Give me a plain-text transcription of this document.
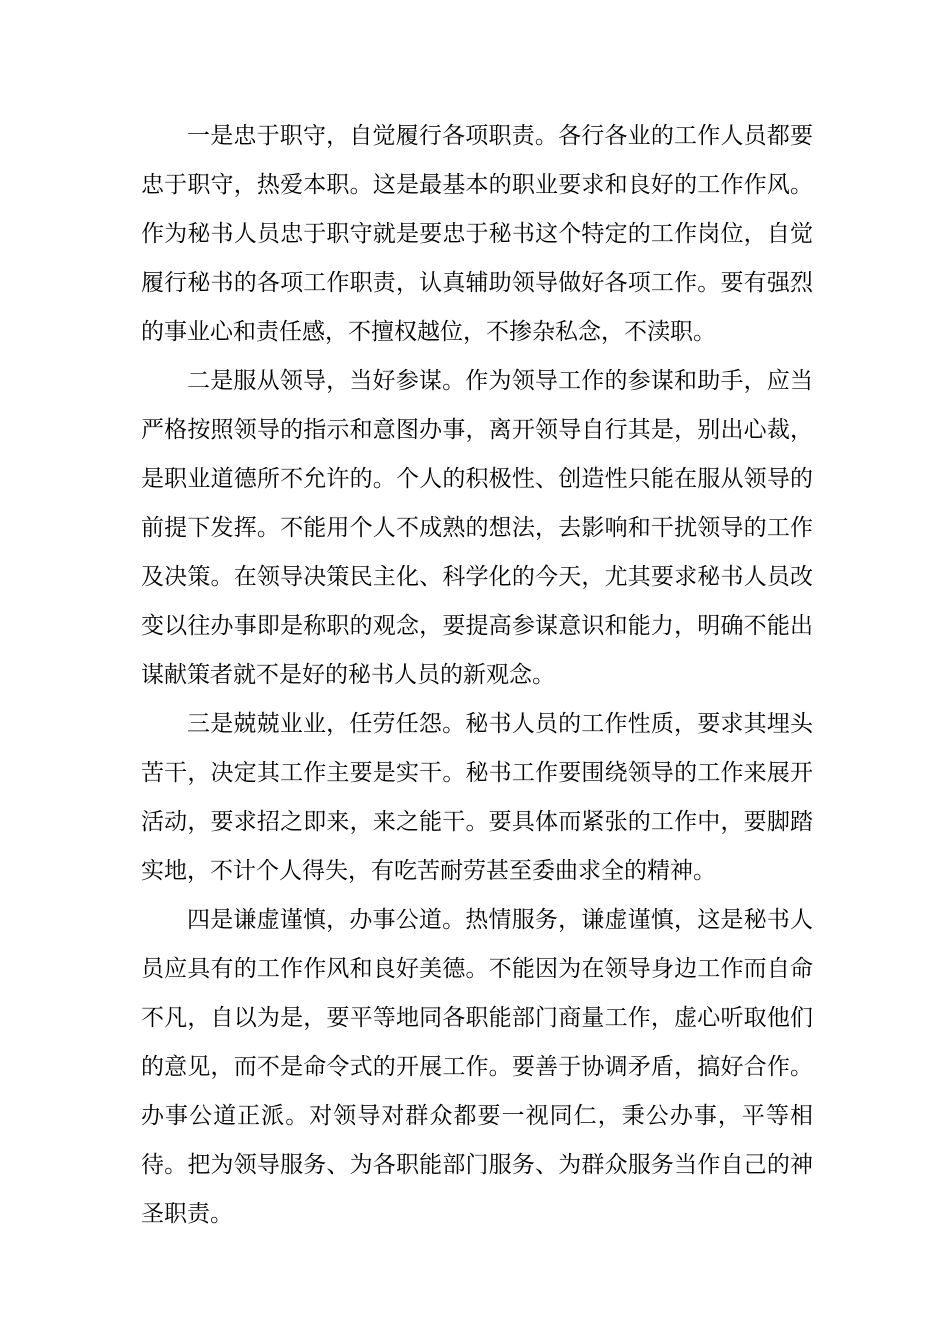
一是忠于职守，自觉履行各项职责。各行各业的工作人员都要忠于职守，热爱本职。这是最基本的职业要求和良好的工作作风。作为秘书人员忠于职守就是要忠于秘书这个特定的工作岗位，自觉履行秘书的各项工作职责，认真辅助领导做好各项工作。要有强烈的事业心和责任感，不擅权越位，不掺杂私念，不渎职。

二是服从领导，当好参谋。作为领导工作的参谋和助手，应当严格按照领导的指示和意图办事，离开领导自行其是，别出心裁，是职业道德所不允许的。个人的积极性、创造性只能在服从领导的前提下发挥。不能用个人不成熟的想法，去影响和干扰领导的工作及决策。在领导决策民主化、科学化的今天，尤其要求秘书人员改变以往办事即是称职的观念，要提高参谋意识和能力，明确不能出谋献策者就不是好的秘书人员的新观念。

三是兢兢业业，任劳任怨。秘书人员的工作性质，要求其埋头苦干，决定其工作主要是实干。秘书工作要围绕领导的工作来展开活动，要求招之即来，来之能干。要具体而紧张的工作中，要脚踏实地，不计个人得失，有吃苦耐劳甚至委曲求全的精神。

四是谦虚谨慎，办事公道。热情服务，谦虚谨慎，这是秘书人员应具有的工作作风和良好美德。不能因为在领导身边工作而自命不凡，自以为是，要平等地同各职能部门商量工作，虚心听取他们的意见，而不是命令式的开展工作。要善于协调矛盾，搞好合作。办事公道正派。对领导对群众都要一视同仁，秉公办事，平等相待。把为领导服务、为各职能部门服务、为群众服务当作自己的神圣职责。
